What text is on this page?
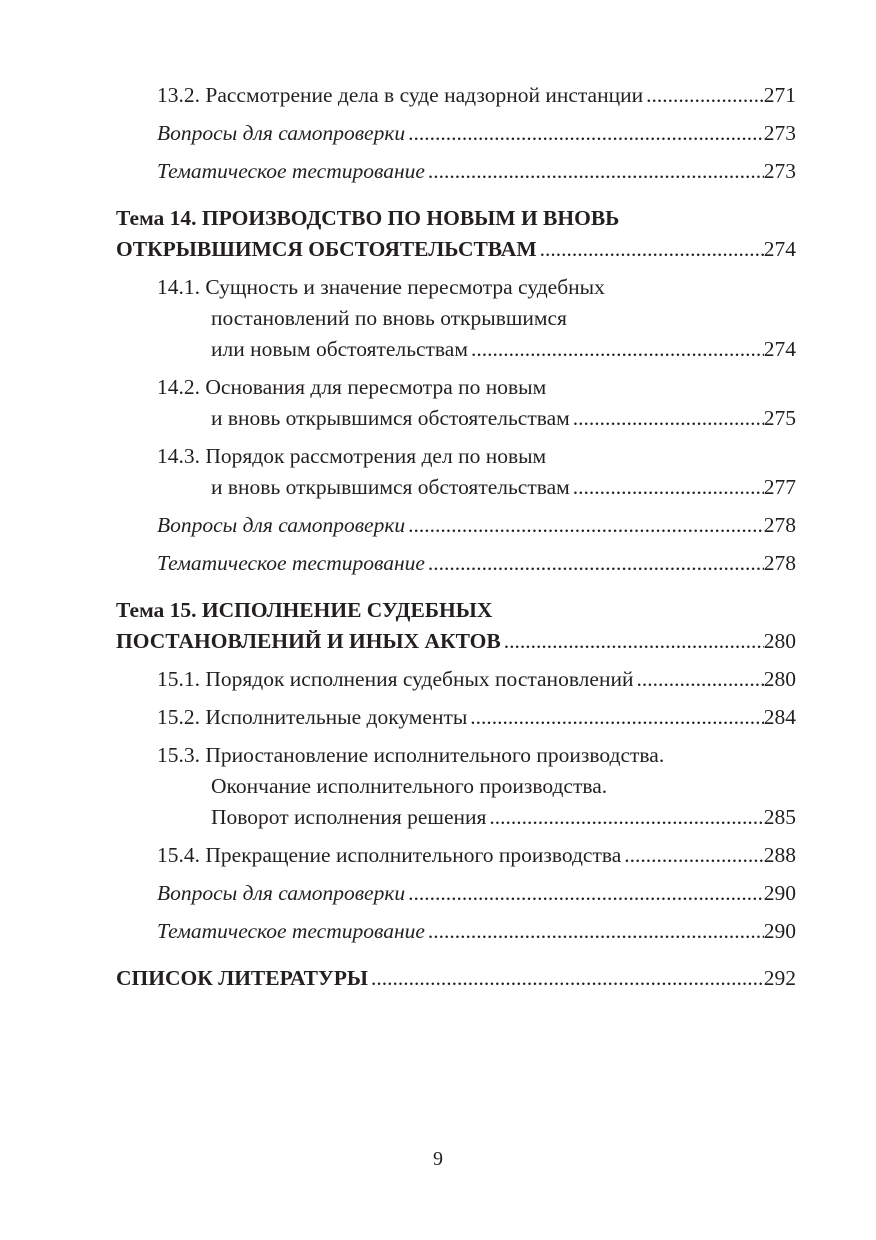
13.2. Рассмотрение дела в суде надзорной инстанции .....	271
Вопросы для самопроверки .....	273
Тематическое тестирование .....	273
Тема 14. ПРОИЗВОДСТВО ПО НОВЫМ И ВНОВЬ
ОТКРЫВШИМСЯ ОБСТОЯТЕЛЬСТВАМ .....	274
14.1. Сущность и значение пересмотра судебных
постановлений по вновь открывшимся
или новым обстоятельствам .....	274
14.2. Основания для пересмотра по новым
и вновь открывшимся обстоятельствам .....	275
14.3. Порядок рассмотрения дел по новым
и вновь открывшимся обстоятельствам .....	277
Вопросы для самопроверки .....	278
Тематическое тестирование .....	278
Тема 15. ИСПОЛНЕНИЕ СУДЕБНЫХ
ПОСТАНОВЛЕНИЙ И ИНЫХ АКТОВ .....	280
15.1. Порядок исполнения судебных постановлений .....	280
15.2. Исполнительные документы .....	284
15.3. Приостановление исполнительного производства.
Окончание исполнительного производства.
Поворот исполнения решения .....	285
15.4. Прекращение исполнительного производства .....	288
Вопросы для самопроверки .....	290
Тематическое тестирование .....	290
СПИСОК ЛИТЕРАТУРЫ .....	292
9
